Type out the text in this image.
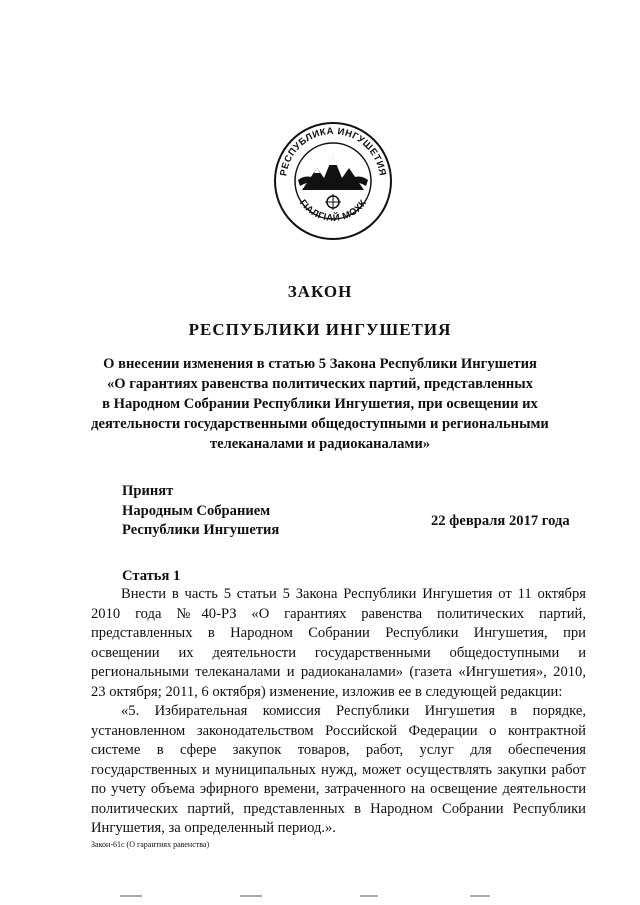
РЕСПУБЛИКА ИНГУШЕТИЯ
ГӀАЛГӀАЙ МОХК
ЗАКОН
РЕСПУБЛИКИ ИНГУШЕТИЯ
О внесении изменения в статью 5 Закона Республики Ингушетия
«О гарантиях равенства политических партий, представленных
в Народном Собрании Республики Ингушетия, при освещении их
деятельности государственными общедоступными и региональными
телеканалами и радиоканалами»
Принят
Народным Собранием
Республики Ингушетия
22 февраля 2017 года
Статья 1

Внести в часть 5 статьи 5 Закона Республики Ингушетия от 11 октября 2010 года №40-РЗ «О гарантиях равенства политических партий, представленных в Народном Собрании Республики Ингушетия, при освещении их деятельности государственными общедоступными и региональными телеканалами и радиоканалами» (газета «Ингушетия», 2010, 23 октября; 2011, 6 октября) изменение, изложив ее в следующей редакции:

«5. Избирательная комиссия Республики Ингушетия в порядке, установленном законодательством Российской Федерации о контрактной системе в сфере закупок товаров, работ, услуг для обеспечения государственных и муниципальных нужд, может осуществлять закупки работ по учету объема эфирного времени, затраченного на освещение деятельности политических партий, представленных в Народном Собрании Республики Ингушетия, за определенный период.».

Закон-61с (О гарантиях равенства)
